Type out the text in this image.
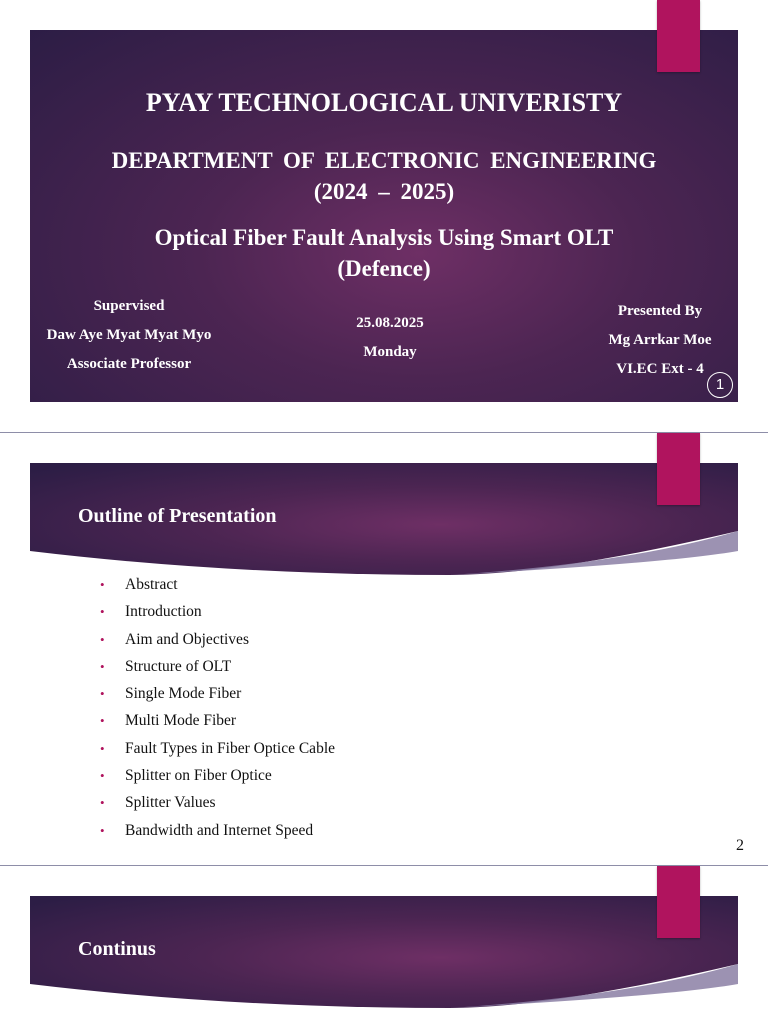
PYAY TECHNOLOGICAL UNIVERISTY
DEPARTMENT OF ELECTRONIC ENGINEERING
(2024 – 2025)
Optical Fiber Fault Analysis Using Smart OLT
(Defence)
Supervised
Daw Aye Myat Myat Myo
Associate Professor
25.08.2025
Monday
Presented By
Mg Arrkar Moe
VI.EC Ext - 4
1
Outline of Presentation
• Abstract
• Introduction
• Aim and Objectives
• Structure of OLT
• Single Mode Fiber
• Multi Mode Fiber
• Fault Types in Fiber Optice Cable
• Splitter on Fiber Optice
• Splitter Values
• Bandwidth and Internet Speed
2
Continus
